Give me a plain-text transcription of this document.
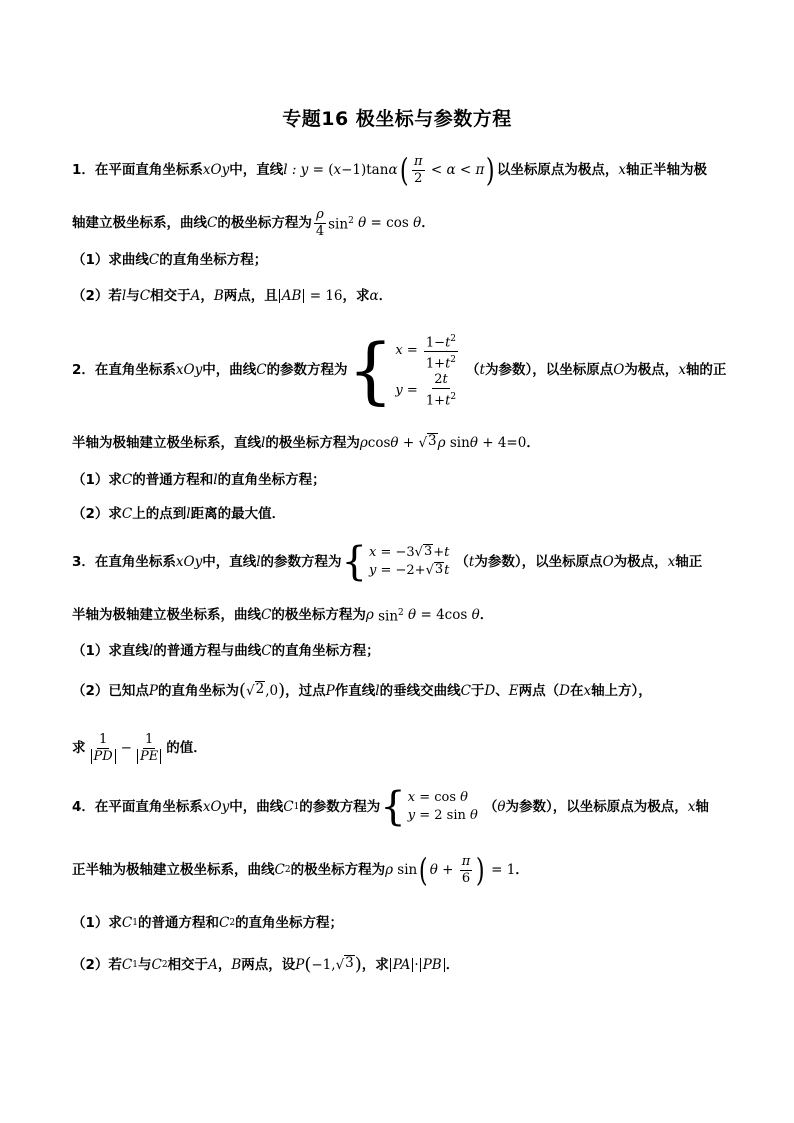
专题16 极坐标与参数方程
1． 在平面直角坐标系 xOy 中，直线 l : y = ( x −1)tan α ( $\frac{\pi}{2} < \alpha < \pi$ ) 以坐标原点为极点， x 轴正半轴为极
轴建立极坐标系，曲线 C 的极坐标方程为 $\frac{\rho}{4} \sin^2 \theta = \cos \theta$ ．
（1）求曲线 C 的直角坐标方程；
（2）若 l 与 C 相交于 A ， B 两点，且 AB = 16 ，求 α ．
2． 在直角坐标系 xOy 中，曲线 C 的参数方程为 { $x = \frac{1-t^2}{1+t^2}$
$y = \frac{2t}{1+t^2}$
（ t 为参数），以坐标原点 O 为极点， x 轴的正
半轴为极轴建立极坐标系，直线 l 的极坐标方程为 ρ cos θ + √ 3 ρ sin θ + 4=0 ．
（1）求 C 的普通方程和 l 的直角坐标方程；
（2）求 C 上的点到 l 距离的最大值．
3． 在直角坐标系 xOy 中，直线 l 的参数方程为 { x = −3 √ 3 + t
y = −2+ √ 3 t
（ t 为参数），以坐标原点 O 为极点， x 轴正
半轴为极轴建立极坐标系，曲线 C 的极坐标方程为 ρ $\sin^2 \theta = 4\cos$ θ ．
（1）求直线 l 的普通方程与曲线 C 的直角坐标方程；
（2）已知点 P 的直角坐标为 ( √ 2 ,0 ) ，过点 P 作直线 l 的垂线交曲线 C 于 D 、 E 两点（ D 在 x 轴上方），
求 $\frac{1}{PD} - \frac{1}{PE}$ 的值．
4． 在平面直角坐标系 xOy 中，曲线 C 1 的参数方程为 { x = cos θ
y = 2 sin θ
（ θ 为参数），以坐标原点为极点， x 轴
正半轴为极轴建立极坐标系，曲线 C 2 的极坐标方程为 ρ sin ( $\theta + \frac{\pi}{6}$ ) = 1 ．
（1）求 C 1 的普通方程和 C 2 的直角坐标方程；
（2）若 C 1 与 C 2 相交于 A ， B 两点，设 P ( −1, √ 3 ) ，求 PA · PB ．
